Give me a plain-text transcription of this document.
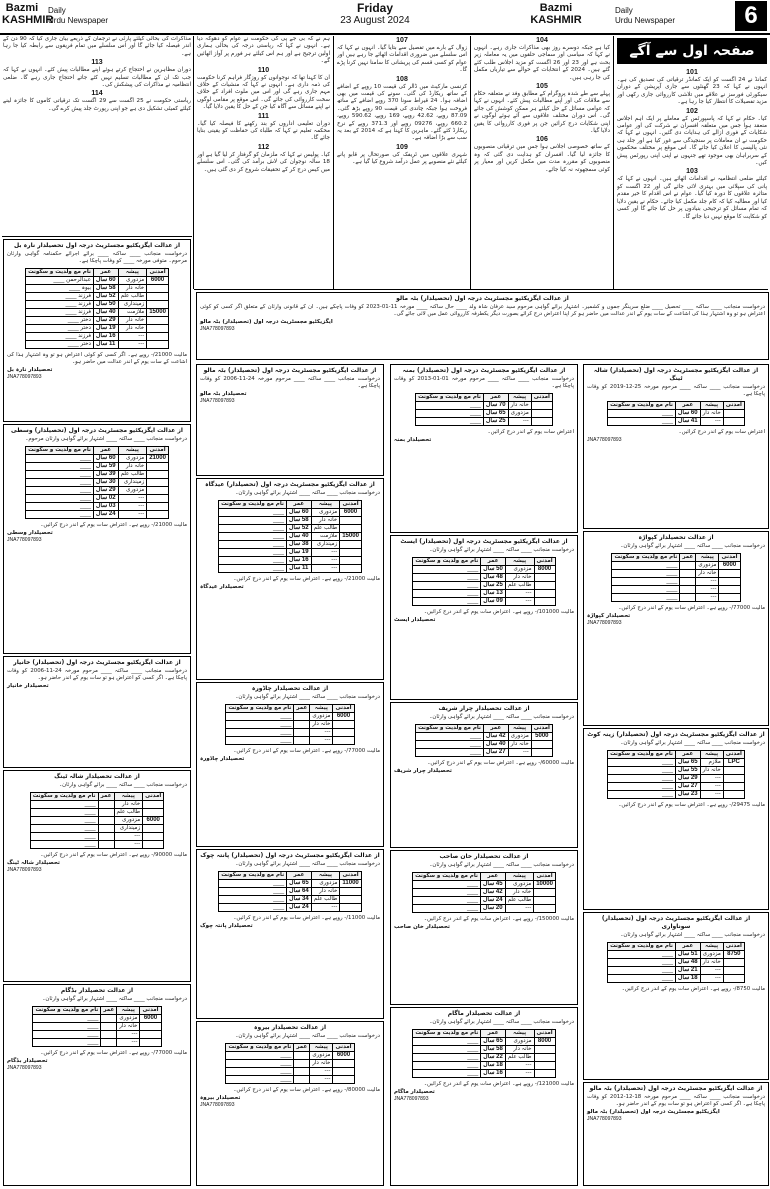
Bazmi
KASHMIR
Daily
Urdu Newspaper
Friday
23 August 2024
Bazmi
KASHMIR
Daily
Urdu Newspaper	6
صفحہ اول سے آگے
101
کمانڈ نے 24 اگست کو ایک کمانڈر ترقیاتی کی تصدیق کی ہے۔ انہوں نے کہا کہ 23 گھنٹوں سے جاری آپریشن کے دوران سیکورٹی فورسز نے علاقے میں تلاشی کارروائی جاری رکھی اور مزید تفصیلات کا انتظار کیا جا رہا ہے۔
102
کیا۔ حکام نے کہا کہ پاسپورٹس کے معاملے پر ایک اہم اجلاس منعقد ہوا جس میں متعلقہ افسران نے شرکت کی اور عوامی شکایات کے فوری ازالے کی ہدایات دی گئیں۔ انہوں نے کہا کہ حکومت نے ان معاملات پر سنجیدگی سے غور کیا ہے اور جلد ہی نئی پالیسی کا اعلان کیا جائے گا۔ اس موقع پر مختلف محکموں کے سربراہان بھی موجود تھے جنہوں نے اپنی اپنی رپورٹس پیش کیں۔
103
کیلئے ضلعی انتظامیہ نے اقدامات اٹھائے ہیں۔ انہوں نے کہا کہ پانی کی سپلائی میں بہتری لائی جائے گی اور 22 اگست کو متاثرہ علاقوں کا دورہ کیا گیا۔ عوام نے اس اقدام کا خیر مقدم کیا اور مطالبہ کیا کہ کام جلد مکمل کیا جائے۔ حکام نے یقین دلایا کہ تمام مسائل کو ترجیحی بنیادوں پر حل کیا جائے گا اور کسی کو شکایت کا موقع نہیں دیا جائے گا۔
104
کیا ہے جبکہ دوسرے روز بھی مذاکرات جاری رہے۔ انہوں نے کہا کہ سیاسی اور سماجی حلقوں میں یہ معاملہ زیر بحث ہے اور 23 اور 26 اگست کو مزید اجلاس طلب کئے گئے ہیں۔ 2024 کے انتخابات کے حوالے سے تیاریاں مکمل کی جا رہی ہیں۔
105
پہلے سے طے شدہ پروگرام کے مطابق وفد نے متعلقہ حکام سے ملاقات کی اور اپنے مطالبات پیش کئے۔ انہوں نے کہا کہ عوامی مسائل کے حل کیلئے ہر ممکن کوشش کی جائے گی۔ اس دوران مختلف علاقوں سے آئے ہوئے لوگوں نے اپنی شکایات درج کرائیں جن پر فوری کارروائی کا یقین دلایا گیا۔
106
کے ساتھ خصوصی اجلاس ہوا جس میں ترقیاتی منصوبوں کا جائزہ لیا گیا۔ افسران کو ہدایت دی گئی کہ وہ منصوبوں کو مقررہ مدت میں مکمل کریں اور معیار پر کوئی سمجھوتہ نہ کیا جائے۔
107
زوال کے بارے میں تفصیل سے بتایا گیا۔ انہوں نے کہا کہ اس سلسلے میں ضروری اقدامات اٹھائے جا رہے ہیں اور عوام کو کسی قسم کی پریشانی کا سامنا نہیں کرنا پڑے گا۔
108
کرنسی مارکیٹ میں ڈالر کی قیمت 10 روپے کے اضافے کے ساتھ ریکارڈ کی گئی۔ سونے کی قیمت میں بھی اضافہ ہوا۔ 24 قیراط سونا 370 روپے اضافے کے ساتھ فروخت ہوا جبکہ چاندی کی قیمت 90 روپے بڑھ گئی۔ 87.09 روپے، 42.62 روپے، 169 روپے، 590.62 روپے، 660.2 روپے، 09276 روپے اور 371.3 روپے کے نرخ ریکارڈ کئے گئے۔ ماہرین کا کہنا ہے کہ 2014 کے بعد یہ سب سے بڑا اضافہ ہے۔
109
شہری علاقوں میں ٹریفک کی صورتحال پر قابو پانے کیلئے نئے منصوبے پر عمل درآمد شروع کیا گیا ہے۔
ہم نے کہ بی جے پی کی حکومت نے عوام کو دھوکہ دیا ہے۔ انہوں نے کہا کہ ریاستی درجہ کی بحالی ہماری اولین ترجیح ہے اور ہم اس کیلئے ہر فورم پر آواز اٹھائیں گے۔
110
ان کا کہنا تھا کہ نوجوانوں کو روزگار فراہم کرنا حکومت کی ذمہ داری ہے۔ انہوں نے کہا کہ منشیات کے خلاف مہم جاری رہے گی اور اس میں ملوث افراد کے خلاف سخت کارروائی کی جائے گی۔ اس موقع پر مقامی لوگوں نے اپنے مسائل سے آگاہ کیا جن کے حل کا یقین دلایا گیا۔
111
دوران تعلیمی اداروں کو بند رکھنے کا فیصلہ کیا گیا۔ محکمہ تعلیم نے کہا کہ طلباء کی حفاظت کو یقینی بنایا جائے گا۔
112
کیا۔ پولیس نے کہا کہ ملزمان کو گرفتار کر لیا گیا ہے اور 18 سالہ نوجوان کی لاش برآمد کی گئی۔ اس سلسلے میں کیس درج کر کے تحقیقات شروع کر دی گئی ہیں۔
مذاکرات کی بحالی کیلئے پارٹی نے ترجمان کے ذریعے بیان جاری کیا کہ 90 دن کے اندر فیصلہ کیا جائے گا اور اس سلسلے میں تمام فریقوں سے رابطہ کیا جا رہا ہے۔
113
دوران مظاہرین نے احتجاج کرتے ہوئے اپنے مطالبات پیش کئے۔ انہوں نے کہا کہ جب تک ان کے مطالبات تسلیم نہیں کئے جاتے احتجاج جاری رہے گا۔ ضلعی انتظامیہ نے مذاکرات کی پیشکش کی۔
114
ریاستی حکومت نے 25 اگست سے 29 اگست تک ترقیاتی کاموں کا جائزہ لینے کیلئے کمیٹی تشکیل دی ہے جو اپنی رپورٹ جلد پیش کرے گی۔
از عدالت ایگزیکٹیو مجسٹریٹ درجہ اول (تحصیلدار) بٹہ مالو
درخواست منجانب ____ ساکنہ ____ تحصیل ____ ضلع سرینگر جموں و کشمیر۔ اشتہار برائے گواہی مرحوم سید عرفان شاہ ولد ____ حال ساکنہ ____ مورخہ 11-01-2023 کو وفات پاچکے ہیں۔ ان کے قانونی وارثان کے متعلق اگر کسی کو کوئی اعتراض ہو تو وہ اشتہار ہذا کی اشاعت کے سات یوم کے اندر عدالت میں حاضر ہو کر اپنا اعتراض درج کرائے بصورت دیگر یکطرفہ کارروائی عمل میں لائی جائے گی۔
ایگزیکٹیو مجسٹریٹ درجہ اول (تحصیلدار) بٹہ مالو
JNA778097893
از عدالت ایگزیکٹیو مجسٹریٹ درجہ اول تحصیلدار نارہ بل
درخواست منجانب ____ ساکنہ ____ برائے اجرائے حکمنامہ گواہی وارثان مرحوم۔ متوفی مورخہ ____ کو وفات پاچکا ہے۔
آمدنی	پیشہ	عمر	نام مع ولدیت و سکونت
6000	مزدوری	60 سال	عبدالرحمن ____
	خانہ دار	58 سال	بیوہ ____
	طالب علم	52 سال	فرزند ____
	زمینداری	50 سال	فرزند ____
15000	ملازمت	40 سال	فرزند ____
	خانہ دار	29 سال	دختر ____
	خانہ دار	19 سال	دختر ____
	---	16 سال	فرزند ____
	---	11 سال	دختر ____
مالیت 21000/- روپے ہے۔ اگر کسی کو کوئی اعتراض ہو تو وہ اشتہار ہذا کی اشاعت کے سات یوم کے اندر عدالت میں حاضر ہو۔
تحصیلدار نارہ بل
JNA778097893
از عدالت ایگزیکٹیو مجسٹریٹ درجہ اول (تحصیلدار) وسطی
درخواست منجانب ____ ساکنہ ____ اشتہار برائے گواہی وارثان مرحوم۔
آمدنی	پیشہ	عمر	نام مع ولدیت و سکونت
21000	مزدوری	60 سال	____
	خانہ دار	59 سال	____
	طالب علم	39 سال	____
	زمینداری	30 سال	____
	مزدوری	29 سال	____
	---	02 سال	____
	---	03 سال	____
	---	24 سال	____
مالیت 21000/- روپے ہے۔ اعتراض سات یوم کے اندر درج کرائیں۔
تحصیلدار وسطی
JNA778097893
از عدالت ایگزیکٹیو مجسٹریٹ درجہ اول (تحصیلدار) خانیار
درخواست منجانب ____ ساکنہ ____ مرحوم مورخہ 24-11-2006 کو وفات پاچکا ہے۔ اگر کسی کو اعتراض ہو تو سات یوم کے اندر حاضر ہو۔
تحصیلدار خانیار
از عدالت تحصیلدار شالہ ٹینگ
درخواست منجانب ____ ساکنہ ____ برائے گواہی وارثان۔
آمدنی	پیشہ	عمر	نام مع ولدیت و سکونت
	خانہ دار		____
	طالب علم		____
6000	مزدوری		____
	زمینداری		____
	---		____
	---		____
مالیت 90000/- روپے ہے۔ اعتراض سات یوم کے اندر درج کرائیں۔
تحصیلدار شالہ ٹینگ
JNA778097893
از عدالت تحصیلدار بڈگام
درخواست منجانب ____ ساکنہ ____ اشتہار برائے گواہی وارثان۔
آمدنی	پیشہ	عمر	نام مع ولدیت و سکونت
6000	مزدوری		____
	خانہ دار		____
	---		____
	---		____
مالیت 77000/- روپے ہے۔ اعتراض سات یوم کے اندر درج کرائیں۔
تحصیلدار بڈگام
JNA778097893
از عدالت ایگزیکٹیو مجسٹریٹ درجہ اول (تحصیلدار) بٹہ مالو
درخواست منجانب ____ ساکنہ ____ مرحوم مورخہ 24-11-2006 کو وفات پاچکا ہے۔
تحصیلدار بٹہ مالو
JNA778097893
از عدالت ایگزیکٹیو مجسٹریٹ درجہ اول (تحصیلدار) عیدگاہ
درخواست منجانب ____ ساکنہ ____ اشتہار برائے گواہی وارثان۔
آمدنی	پیشہ	عمر	نام مع ولدیت و سکونت
6000	مزدوری	60 سال	____
	خانہ دار	58 سال	____
	طالب علم	52 سال	____
15000	ملازمت	40 سال	____
	زمینداری	38 سال	____
	---	19 سال	____
	---	16 سال	____
	---	11 سال	____
مالیت 21000/- روپے ہے۔ اعتراض سات یوم کے اندر درج کرائیں۔
تحصیلدار عیدگاہ
از عدالت تحصیلدار چاڈورہ
درخواست منجانب ____ ساکنہ ____ اشتہار برائے گواہی وارثان۔
آمدنی	پیشہ	عمر	نام مع ولدیت و سکونت
6000	مزدوری		____
	خانہ دار		____
	---		____
	---		____
مالیت 77000/- روپے ہے۔ اعتراض سات یوم کے اندر درج کرائیں۔
تحصیلدار چاڈورہ
از عدالت ایگزیکٹیو مجسٹریٹ درجہ اول (تحصیلدار) پانتہ چوک
درخواست منجانب ____ ساکنہ ____ اشتہار برائے گواہی وارثان۔
آمدنی	پیشہ	عمر	نام مع ولدیت و سکونت
11000	مزدوری	65 سال	____
	خانہ دار	64 سال	____
	طالب علم	34 سال	____
	---	24 سال	____
مالیت 11000/- روپے ہے۔ اعتراض سات یوم کے اندر درج کرائیں۔
تحصیلدار پانتہ چوک
از عدالت تحصیلدار بیروہ
درخواست منجانب ____ ساکنہ ____ اشتہار برائے گواہی وارثان۔
آمدنی	پیشہ	عمر	نام مع ولدیت و سکونت
6000	مزدوری		____
	خانہ دار		____
	---		____
	---		____
مالیت 80000/- روپے ہے۔ اعتراض سات یوم کے اندر درج کرائیں۔
تحصیلدار بیروہ
JNA778097893
از عدالت ایگزیکٹیو مجسٹریٹ درجہ اول (تحصیلدار) بمنہ
درخواست منجانب ____ ساکنہ ____ مرحوم مورخہ 01-01-2013 کو وفات پاچکا ہے۔
آمدنی	پیشہ	عمر	نام مع ولدیت و سکونت
	خانہ دار	70 سال	____
	مزدوری	65 سال	____
	---	25 سال	____
اعتراض سات یوم کے اندر درج کرائیں۔
تحصیلدار بمنہ
از عدالت ایگزیکٹیو مجسٹریٹ درجہ اول (تحصیلدار) ایسٹ
درخواست منجانب ____ ساکنہ ____ اشتہار برائے گواہی وارثان۔
آمدنی	پیشہ	عمر	نام مع ولدیت و سکونت
8000	مزدوری	50 سال	____
	خانہ دار	48 سال	____
	طالب علم	25 سال	____
	---	13 سال	____
	---	09 سال	____
مالیت 101000/- روپے ہے۔ اعتراض سات یوم کے اندر درج کرائیں۔
تحصیلدار ایسٹ
از عدالت تحصیلدار چرار شریف
درخواست منجانب ____ ساکنہ ____ اشتہار برائے گواہی وارثان۔
آمدنی	پیشہ	عمر	نام مع ولدیت و سکونت
5000	مزدوری	42 سال	____
	خانہ دار	40 سال	____
	---	27 سال	____
مالیت 60000/- روپے ہے۔ اعتراض سات یوم کے اندر درج کرائیں۔
تحصیلدار چرار شریف
از عدالت تحصیلدار خان صاحب
درخواست منجانب ____ ساکنہ ____ اشتہار برائے گواہی وارثان۔
آمدنی	پیشہ	عمر	نام مع ولدیت و سکونت
10000	مزدوری	45 سال	____
	خانہ دار	42 سال	____
	طالب علم	24 سال	____
	---	20 سال	____
مالیت 150000/- روپے ہے۔ اعتراض سات یوم کے اندر درج کرائیں۔
تحصیلدار خان صاحب
از عدالت تحصیلدار ماگام
درخواست منجانب ____ ساکنہ ____ اشتہار برائے گواہی وارثان۔
آمدنی	پیشہ	عمر	نام مع ولدیت و سکونت
8000	مزدوری	65 سال	____
	خانہ دار	58 سال	____
	طالب علم	22 سال	____
	---	18 سال	____
	---	16 سال	____
مالیت 121000/- روپے ہے۔ اعتراض سات یوم کے اندر درج کرائیں۔
تحصیلدار ماگام
JNA778097893
از عدالت ایگزیکٹیو مجسٹریٹ درجہ اول (تحصیلدار) شالہ ٹینگ
درخواست منجانب ____ ساکنہ ____ مرحوم مورخہ 25-12-2019 کو وفات پاچکا ہے۔
آمدنی	پیشہ	عمر	نام مع ولدیت و سکونت
	خانہ دار	60 سال	____
	---	41 سال	____
اعتراض سات یوم کے اندر درج کرائیں۔
JNA778097893
از عدالت تحصیلدار کپواڑہ
درخواست منجانب ____ ساکنہ ____ اشتہار برائے گواہی وارثان۔
آمدنی	پیشہ	عمر	نام مع ولدیت و سکونت
6000	مزدوری		____
	خانہ دار		____
	---		____
	---		____
	---		____
مالیت 77000/- روپے ہے۔ اعتراض سات یوم کے اندر درج کرائیں۔
تحصیلدار کپواڑہ
JNA778097893
از عدالت ایگزیکٹیو مجسٹریٹ درجہ اول (تحصیلدار) زینہ کوٹ
درخواست منجانب ____ ساکنہ ____ اشتہار برائے گواہی وارثان۔
آمدنی	پیشہ	عمر	نام مع ولدیت و سکونت
LPC	ملازم	65 سال	____
	خانہ دار	55 سال	____
	---	29 سال	____
	---	27 سال	____
	---	23 سال	____
مالیت 29475/- روپے ہے۔ اعتراض سات یوم کے اندر درج کرائیں۔
از عدالت ایگزیکٹیو مجسٹریٹ درجہ اول (تحصیلدار) سوناواری
درخواست منجانب ____ ساکنہ ____ اشتہار برائے گواہی وارثان۔
آمدنی	پیشہ	عمر	نام مع ولدیت و سکونت
8750	مزدوری	51 سال	____
	خانہ دار	48 سال	____
	---	21 سال	____
	---	18 سال	____
مالیت 8750/- روپے ہے۔ اعتراض سات یوم کے اندر درج کرائیں۔
از عدالت ایگزیکٹیو مجسٹریٹ درجہ اول (تحصیلدار) بٹہ مالو
درخواست منجانب ____ ساکنہ ____ مرحوم مورخہ 18-12-2012 کو وفات پاچکا ہے۔ اگر کسی کو اعتراض ہو تو سات یوم کے اندر حاضر ہو۔
ایگزیکٹیو مجسٹریٹ درجہ اول (تحصیلدار) بٹہ مالو
JNA778097893
